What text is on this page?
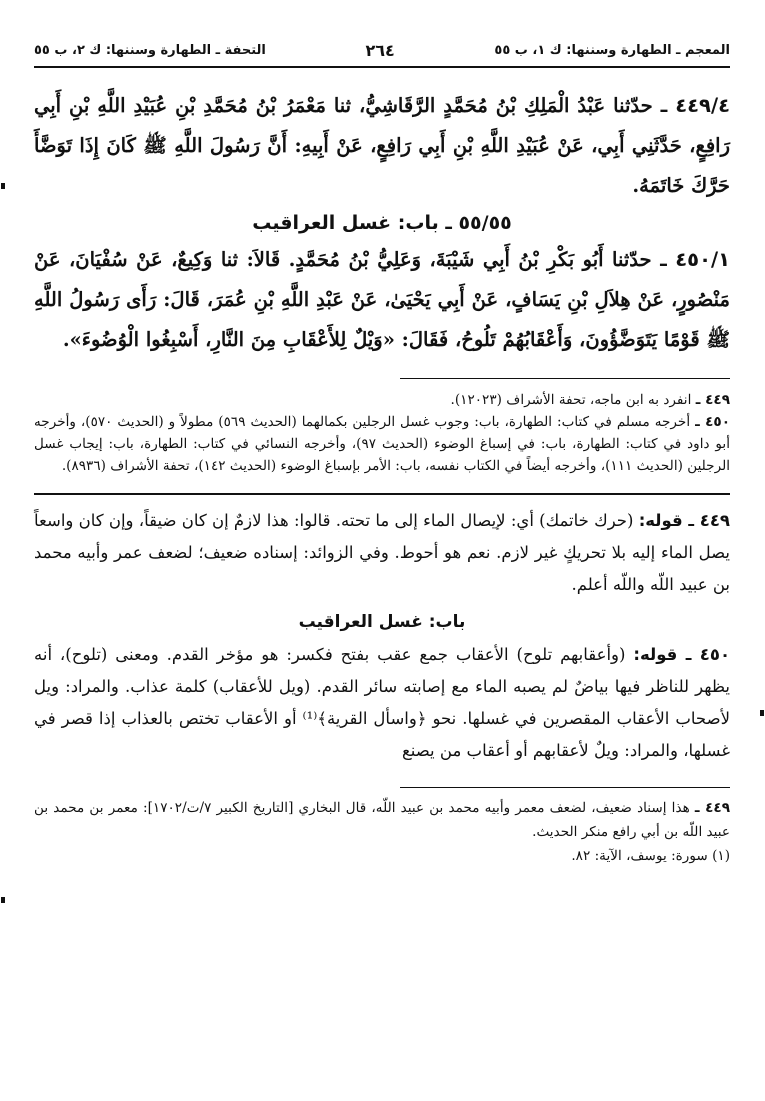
المعجم ـ الطهارة وسننها: ك ١، ب ٥٥
٢٦٤
التحفة ـ الطهارة وسننها: ك ٢، ب ٥٥
٤٤٩/٤ ـ حدّثنا عَبْدُ الْمَلِكِ بْنُ مُحَمَّدٍ الرَّقَاشِيُّ، ثنا مَعْمَرُ بْنُ مُحَمَّدِ بْنِ عُبَيْدِ اللَّهِ بْنِ أَبِي رَافِعٍ، حَدَّثَنِي أَبِي، عَنْ عُبَيْدِ اللَّهِ بْنِ أَبِي رَافِعٍ، عَنْ أَبِيهِ: أَنَّ رَسُولَ اللَّهِ ﷺ كَانَ إِذَا تَوَضَّأَ حَرَّكَ خَاتَمَهُ.
٥٥/٥٥ ـ باب: غسل العراقيب
٤٥٠/١ ـ حدّثنا أَبُو بَكْرِ بْنُ أَبِي شَيْبَةَ، وَعَلِيُّ بْنُ مُحَمَّدٍ. قَالاَ: ثنا وَكِيعٌ، عَنْ سُفْيَانَ، عَنْ مَنْصُورٍ، عَنْ هِلاَلِ بْنِ يَسَافٍ، عَنْ أَبِي يَحْيَىٰ، عَنْ عَبْدِ اللَّهِ بْنِ عُمَرَ، قَالَ: رَأَى رَسُولُ اللَّهِ ﷺ قَوْمًا يَتَوَضَّؤُونَ، وَأَعْقَابُهُمْ تَلُوحُ، فَقَالَ: «وَيْلٌ لِلأَعْقَابِ مِنَ النَّارِ، أَسْبِغُوا الْوُضُوءَ».

٤٤٩ ـ انفرد به ابن ماجه، تحفة الأشراف (١٢٠٢٣).

٤٥٠ ـ أخرجه مسلم في كتاب: الطهارة، باب: وجوب غسل الرجلين بكمالهما (الحديث ٥٦٩) مطولاً و (الحديث ٥٧٠)، وأخرجه أبو داود في كتاب: الطهارة، باب: في إسباغ الوضوء (الحديث ٩٧)، وأخرجه النسائي في كتاب: الطهارة، باب: إيجاب غسل الرجلين (الحديث ١١١)، وأخرجه أيضاً في الكتاب نفسه، باب: الأمر بإسباغ الوضوء (الحديث ١٤٢)، تحفة الأشراف (٨٩٣٦).

٤٤٩ ـ قوله: (حرك خاتمك) أي: لإيصال الماء إلى ما تحته. قالوا: هذا لازمٌ إن كان ضيقاً، وإن كان واسعاً يصل الماء إليه بلا تحريكٍ غير لازم. نعم هو أحوط. وفي الزوائد: إسناده ضعيف؛ لضعف عمر وأبيه محمد بن عبيد اللّه واللّه أعلم.

باب: غسل العراقيب

٤٥٠ ـ قوله: (وأعقابهم تلوح) الأعقاب جمع عقب بفتح فكسر: هو مؤخر القدم. ومعنى (تلوح)، أنه يظهر للناظر فيها بياضٌ لم يصبه الماء مع إصابته سائر القدم. (ويل للأعقاب) كلمة عذاب. والمراد: ويل لأصحاب الأعقاب المقصرين في غسلها. نحو ﴿واسأل القرية﴾⁽¹⁾ أو الأعقاب تختص بالعذاب إذا قصر في غسلها، والمراد: ويلٌ لأعقابهم أو أعقاب من يصنع

٤٤٩ ـ هذا إسناد ضعيف، لضعف معمر وأبيه محمد بن عبيد اللّه، قال البخاري [التاريخ الكبير ٧/ت/١٧٠٢]: معمر بن محمد بن عبيد اللّه بن أبي رافع منكر الحديث.

(١) سورة: يوسف، الآية: ٨٢.
